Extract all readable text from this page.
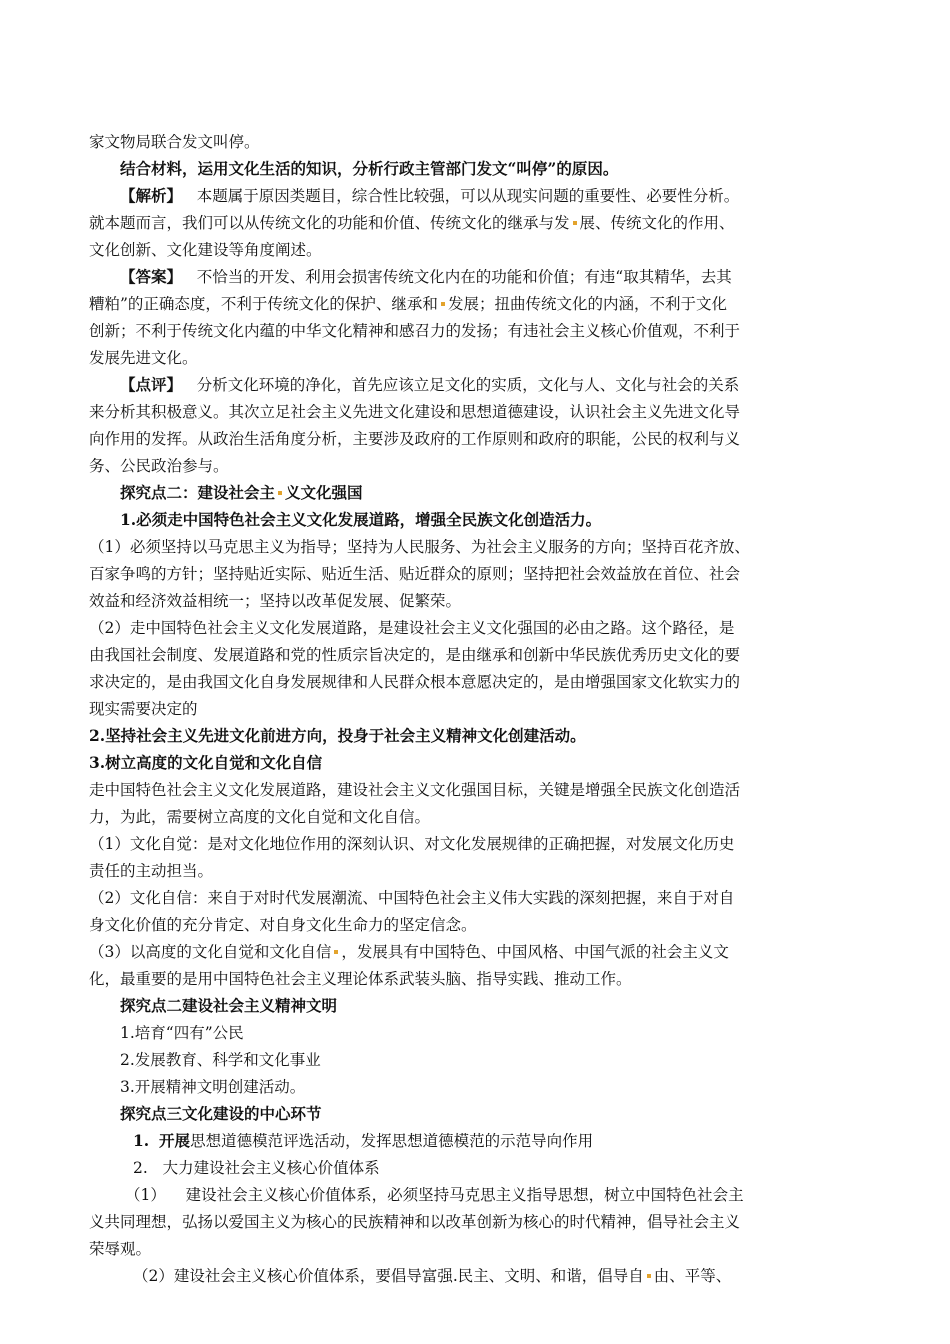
家文物局联合发文叫停。
结合材料，运用文化生活的知识，分析行政主管部门发文“叫停”的原因。
【解析】 本题属于原因类题目，综合性比较强，可以从现实问题的重要性、必要性分析。
就本题而言，我们可以从传统文化的功能和价值、传统文化的继承与发 展、传统文化的作用、
文化创新、文化建设等角度阐述。
【答案】 不恰当的开发、利用会损害传统文化内在的功能和价值；有违“取其精华，去其
糟粕”的正确态度，不利于传统文化的保护、继承和 发展；扭曲传统文化的内涵，不利于文化
创新；不利于传统文化内蕴的中华文化精神和感召力的发扬；有违社会主义核心价值观，不利于
发展先进文化。
【点评】 分析文化环境的净化，首先应该立足文化的实质，文化与人、文化与社会的关系
来分析其积极意义。其次立足社会主义先进文化建设和思想道德建设，认识社会主义先进文化导
向作用的发挥。从政治生活角度分析，主要涉及政府的工作原则和政府的职能，公民的权利与义
务、公民政治参与。
探究点二：建设社会主 义文化强国
1.必须走中国特色社会主义文化发展道路，增强全民族文化创造活力。
（1）必须坚持以马克思主义为指导；坚持为人民服务、为社会主义服务的方向；坚持百花齐放、
百家争鸣的方针；坚持贴近实际、贴近生活、贴近群众的原则；坚持把社会效益放在首位、社会
效益和经济效益相统一；坚持以改革促发展、促繁荣。
（2）走中国特色社会主义文化发展道路，是建设社会主义文化强国的必由之路。这个路径，是
由我国社会制度、发展道路和党的性质宗旨决定的，是由继承和创新中华民族优秀历史文化的要
求决定的，是由我国文化自身发展规律和人民群众根本意愿决定的，是由增强国家文化软实力的
现实需要决定的
2.坚持社会主义先进文化前进方向，投身于社会主义精神文化创建活动。
3.树立高度的文化自觉和文化自信
走中国特色社会主义文化发展道路，建设社会主义文化强国目标，关键是增强全民族文化创造活
力，为此，需要树立高度的文化自觉和文化自信。
（1）文化自觉：是对文化地位作用的深刻认识、对文化发展规律的正确把握，对发展文化历史
责任的主动担当。
（2）文化自信：来自于对时代发展潮流、中国特色社会主义伟大实践的深刻把握，来自于对自
身文化价值的充分肯定、对自身文化生命力的坚定信念。
（3）以高度的文化自觉和文化自信 ，发展具有中国特色、中国风格、中国气派的社会主义文
化，最重要的是用中国特色社会主义理论体系武装头脑、指导实践、推动工作。
探究点二建设社会主义精神文明
1.培育“四有”公民
2.发展教育、科学和文化事业
3.开展精神文明创建活动。
探究点三文化建设的中心环节
1. 开展思想道德模范评选活动，发挥思想道德模范的示范导向作用
2. 大力建设社会主义核心价值体系
（1） 建设社会主义核心价值体系，必须坚持马克思主义指导思想，树立中国特色社会主
义共同理想，弘扬以爱国主义为核心的民族精神和以改革创新为核心的时代精神，倡导社会主义
荣辱观。
（2）建设社会主义核心价值体系，要倡导富强.民主、文明、和谐，倡导自 由、平等、
